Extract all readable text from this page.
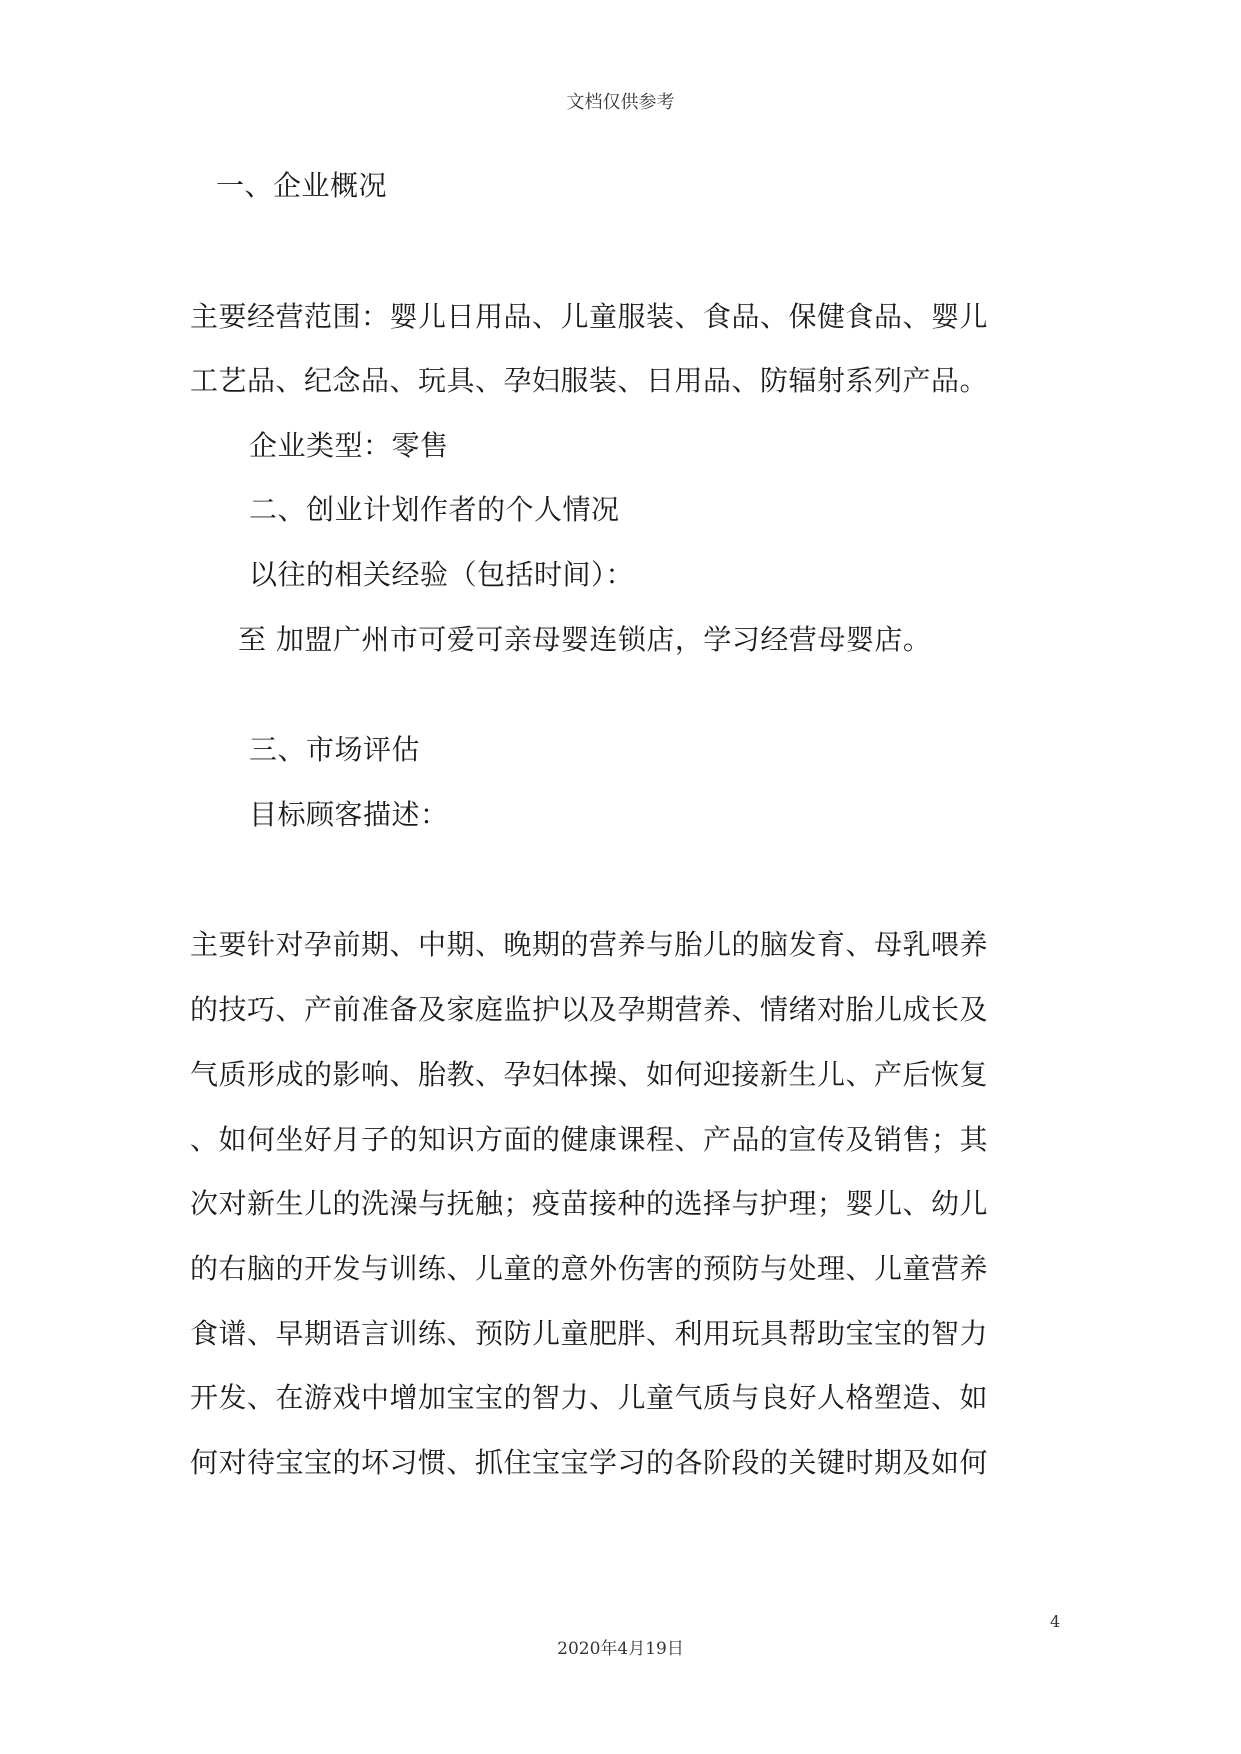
文档仅供参考
一、企业概况
主要经营范围：婴儿日用品、儿童服装、食品、保健食品、婴儿
工艺品、纪念品、玩具、孕妇服装、日用品、防辐射系列产品。
企业类型：零售
二、创业计划作者的个人情况
以往的相关经验（包括时间）：
至 加盟广州市可爱可亲母婴连锁店，学习经营母婴店。
三、市场评估
目标顾客描述：
主要针对孕前期、中期、晚期的营养与胎儿的脑发育、母乳喂养
的技巧、产前准备及家庭监护以及孕期营养、情绪对胎儿成长及
气质形成的影响、胎教、孕妇体操、如何迎接新生儿、产后恢复
、如何坐好月子的知识方面的健康课程、产品的宣传及销售；其
次对新生儿的洗澡与抚触；疫苗接种的选择与护理；婴儿、幼儿
的右脑的开发与训练、儿童的意外伤害的预防与处理、儿童营养
食谱、早期语言训练、预防儿童肥胖、利用玩具帮助宝宝的智力
开发、在游戏中增加宝宝的智力、儿童气质与良好人格塑造、如
何对待宝宝的坏习惯、抓住宝宝学习的各阶段的关键时期及如何
4
2020年4月19日
